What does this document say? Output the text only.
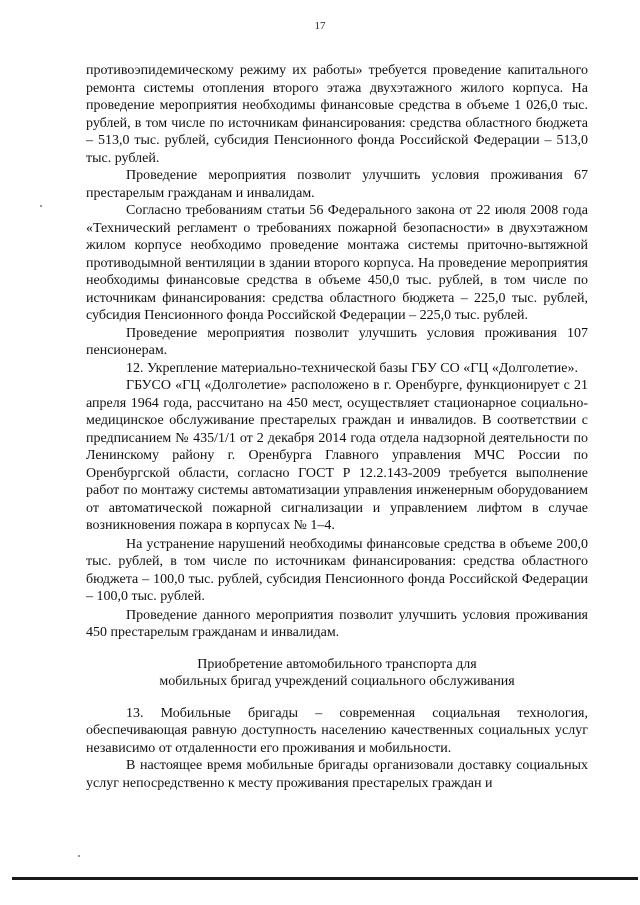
17

противоэпидемическому режиму их работы» требуется проведение капитального ремонта системы отопления второго этажа двухэтажного жилого корпуса. На проведение мероприятия необходимы финансовые средства в объеме 1 026,0 тыс. рублей, в том числе по источникам финансирования: средства областного бюджета – 513,0 тыс. рублей, субсидия Пенсионного фонда Российской Федерации – 513,0 тыс. рублей.

Проведение мероприятия позволит улучшить условия проживания 67 престарелым гражданам и инвалидам.

Согласно требованиям статьи 56 Федерального закона от 22 июля 2008 года «Технический регламент о требованиях пожарной безопасности» в двухэтажном жилом корпусе необходимо проведение монтажа системы приточно-вытяжной противодымной вентиляции в здании второго корпуса. На проведение мероприятия необходимы финансовые средства в объеме 450,0 тыс. рублей, в том числе по источникам финансирования: средства областного бюджета – 225,0 тыс. рублей, субсидия Пенсионного фонда Российской Федерации – 225,0 тыс. рублей.

Проведение мероприятия позволит улучшить условия проживания 107 пенсионерам.

12. Укрепление материально-технической базы ГБУ СО «ГЦ «Долголетие».

ГБУСО «ГЦ «Долголетие» расположено в г. Оренбурге, функционирует с 21 апреля 1964 года, рассчитано на 450 мест, осуществляет стационарное социально-медицинское обслуживание престарелых граждан и инвалидов. В соответствии с предписанием № 435/1/1 от 2 декабря 2014 года отдела надзорной деятельности по Ленинскому району г. Оренбурга Главного управления МЧС России по Оренбургской области, согласно ГОСТ Р 12.2.143-2009 требуется выполнение работ по монтажу системы автоматизации управления инженерным оборудованием от автоматической пожарной сигнализации и управлением лифтом в случае возникновения пожара в корпусах № 1–4.

На устранение нарушений необходимы финансовые средства в объеме 200,0 тыс. рублей, в том числе по источникам финансирования: средства областного бюджета – 100,0 тыс. рублей, субсидия Пенсионного фонда Российской Федерации – 100,0 тыс. рублей.

Проведение данного мероприятия позволит улучшить условия проживания 450 престарелым гражданам и инвалидам.

Приобретение автомобильного транспорта для
мобильных бригад учреждений социального обслуживания

13. Мобильные бригады – современная социальная технология, обеспечивающая равную доступность населению качественных социальных услуг независимо от отдаленности его проживания и мобильности.

В настоящее время мобильные бригады организовали доставку социальных услуг непосредственно к месту проживания престарелых граждан и
